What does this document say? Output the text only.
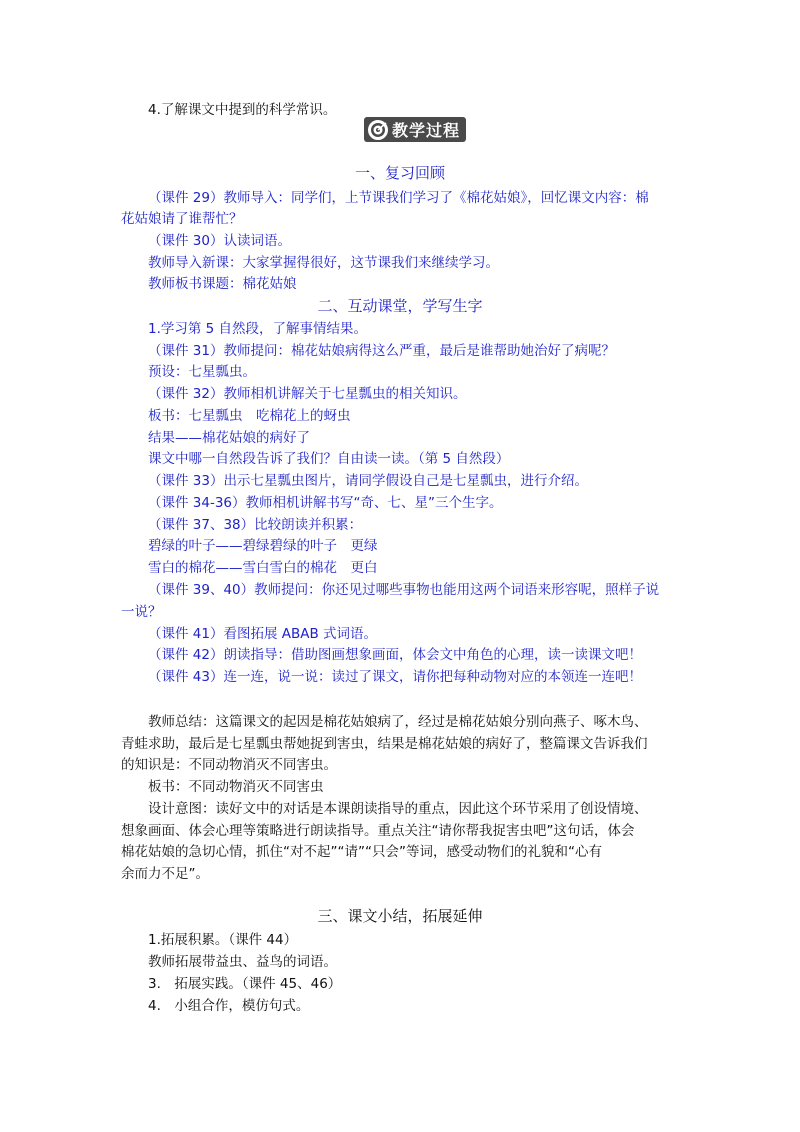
4.了解课文中提到的科学常识。
教学过程
一、复习回顾
（课件 29）教师导入：同学们，上节课我们学习了《棉花姑娘》，回忆课文内容：棉
花姑娘请了谁帮忙？
（课件 30）认读词语。
教师导入新课：大家掌握得很好，这节课我们来继续学习。
教师板书课题：棉花姑娘
二、互动课堂，学写生字
1.学习第 5 自然段，了解事情结果。
（课件 31）教师提问：棉花姑娘病得这么严重，最后是谁帮助她治好了病呢？
预设：七星瓢虫。
（课件 32）教师相机讲解关于七星瓢虫的相关知识。
板书：七星瓢虫　吃棉花上的蚜虫
结果——棉花姑娘的病好了
课文中哪一自然段告诉了我们？自由读一读。（第 5 自然段）
（课件 33）出示七星瓢虫图片，请同学假设自己是七星瓢虫，进行介绍。
（课件 34-36）教师相机讲解书写“奇、七、星”三个生字。
（课件 37、38）比较朗读并积累：
碧绿的叶子——碧绿碧绿的叶子　更绿
雪白的棉花——雪白雪白的棉花　更白
（课件 39、40）教师提问：你还见过哪些事物也能用这两个词语来形容呢，照样子说
一说？
（课件 41）看图拓展 ABAB 式词语。
（课件 42）朗读指导：借助图画想象画面，体会文中角色的心理，读一读课文吧！
（课件 43）连一连，说一说：读过了课文，请你把每种动物对应的本领连一连吧！
教师总结：这篇课文的起因是棉花姑娘病了，经过是棉花姑娘分别向燕子、啄木鸟、
青蛙求助，最后是七星瓢虫帮她捉到害虫，结果是棉花姑娘的病好了，整篇课文告诉我们
的知识是：不同动物消灭不同害虫。
板书：不同动物消灭不同害虫
设计意图：读好文中的对话是本课朗读指导的重点，因此这个环节采用了创设情境、
想象画面、体会心理等策略进行朗读指导。重点关注“请你帮我捉害虫吧”这句话，体会
棉花姑娘的急切心情，抓住“对不起”“请”“只会”等词，感受动物们的礼貌和“心有
余而力不足”。
三、课文小结，拓展延伸
1.拓展积累。（课件 44）
教师拓展带益虫、益鸟的词语。
3.　拓展实践。（课件 45、46）
4.　小组合作，模仿句式。
